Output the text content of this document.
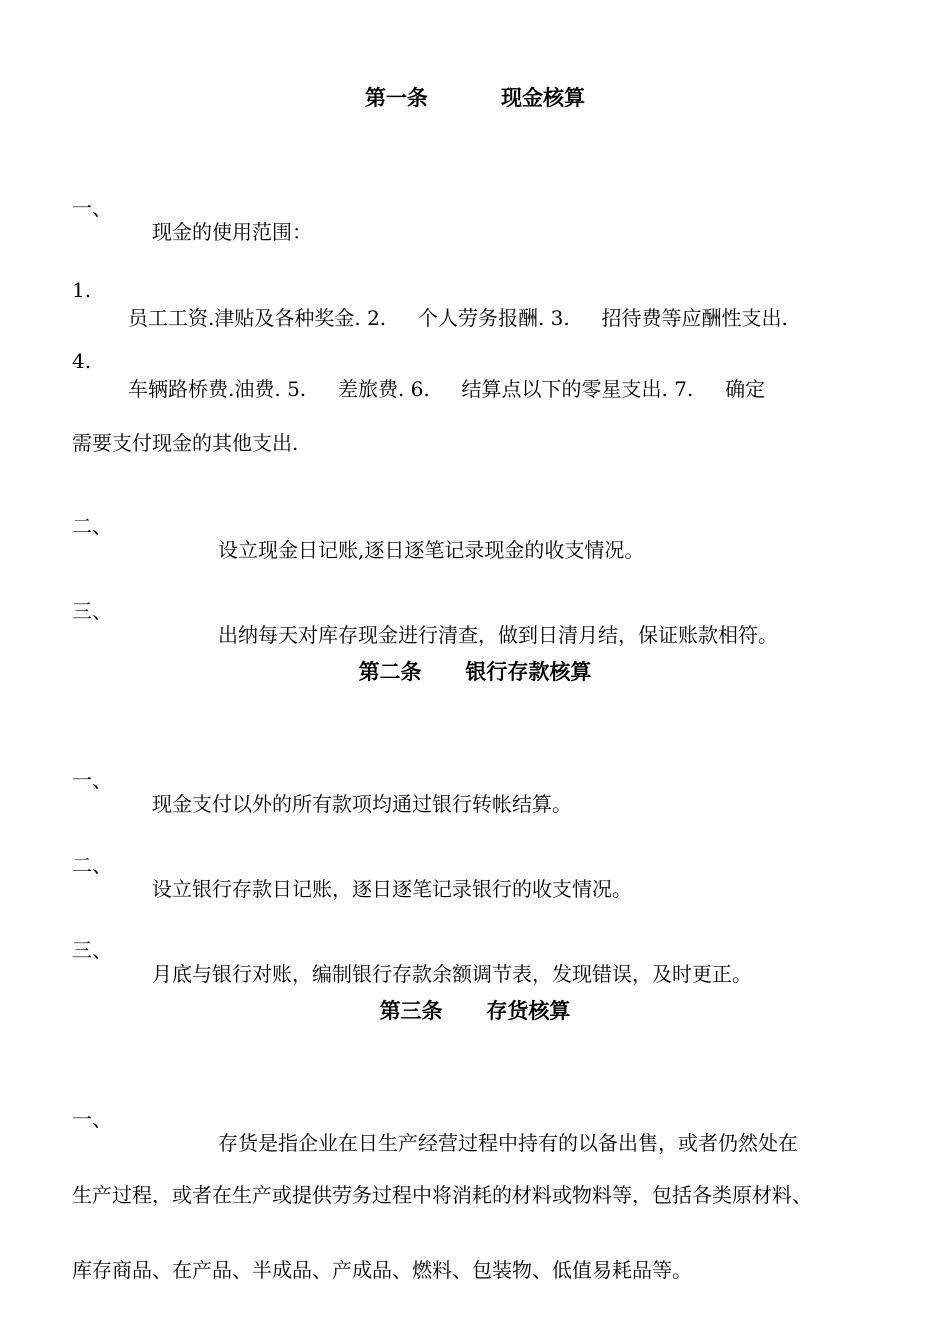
第一条          现金核算

一、

现金的使用范围：

1.

员工工资.津贴及各种奖金. 2.     个人劳务报酬. 3.     招待费等应酬性支出.

4.

车辆路桥费.油费. 5.     差旅费. 6.     结算点以下的零星支出. 7.     确定

需要支付现金的其他支出.

二、

设立现金日记账,逐日逐笔记录现金的收支情况。

三、

出纳每天对库存现金进行清查，做到日清月结，保证账款相符。

第二条      银行存款核算

一、

现金支付以外的所有款项均通过银行转帐结算。

二、

设立银行存款日记账，逐日逐笔记录银行的收支情况。

三、

月底与银行对账，编制银行存款余额调节表，发现错误，及时更正。

第三条      存货核算

一、

存货是指企业在日生产经营过程中持有的以备出售，或者仍然处在

生产过程，或者在生产或提供劳务过程中将消耗的材料或物料等，包括各类原材料、

库存商品、在产品、半成品、产成品、燃料、包装物、低值易耗品等。
